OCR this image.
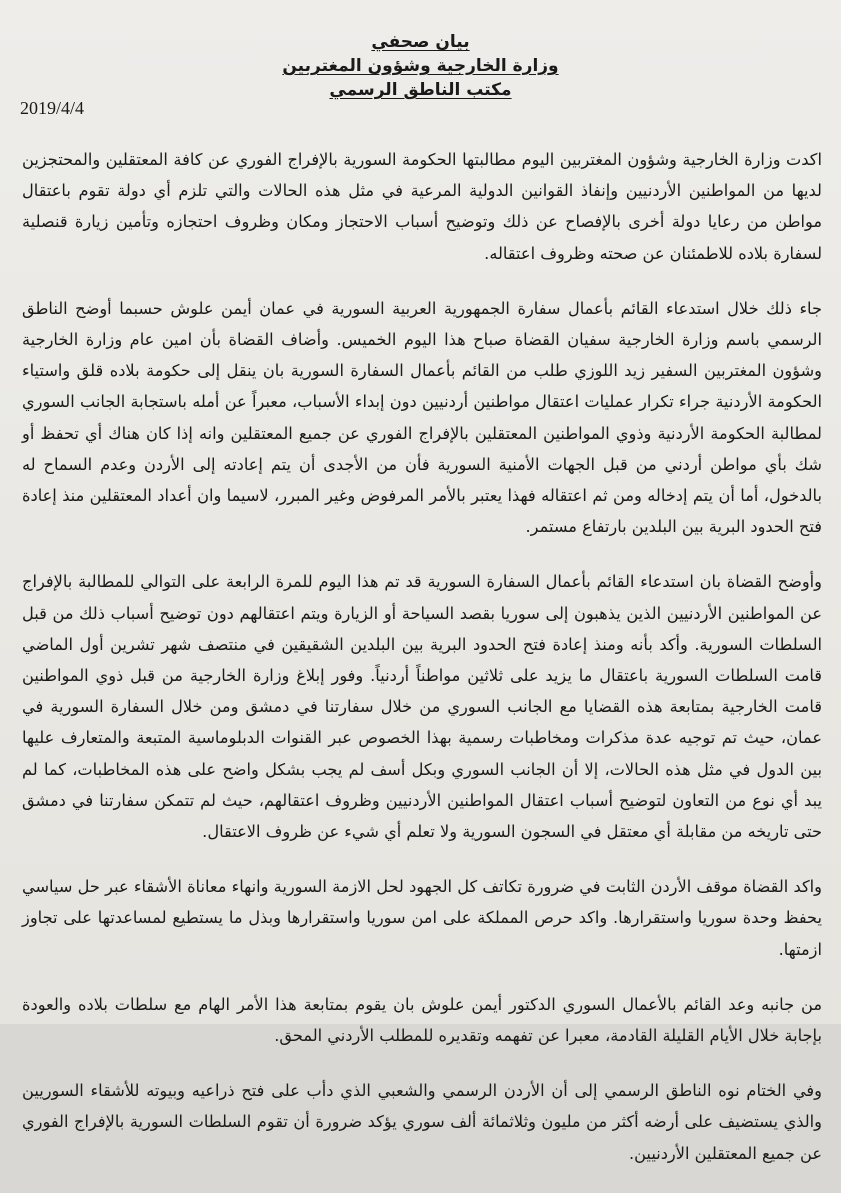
بيان صحفي
وزارة الخارجية وشؤون المغتربين
مكتب الناطق الرسمي
2019/4/4

اكدت وزارة الخارجية وشؤون المغتربين اليوم مطالبتها الحكومة السورية بالإفراج الفوري عن كافة المعتقلين والمحتجزين لديها من المواطنين الأردنيين وإنفاذ القوانين الدولية المرعية في مثل هذه الحالات والتي تلزم أي دولة تقوم باعتقال مواطن من رعايا دولة أخرى بالإفصاح عن ذلك وتوضيح أسباب الاحتجاز ومكان وظروف احتجازه وتأمين زيارة قنصلية لسفارة بلاده للاطمئنان عن صحته وظروف اعتقاله.

جاء ذلك خلال استدعاء القائم بأعمال سفارة الجمهورية العربية السورية في عمان أيمن علوش حسبما أوضح الناطق الرسمي باسم وزارة الخارجية سفيان القضاة صباح هذا اليوم الخميس. وأضاف القضاة بأن امين عام وزارة الخارجية وشؤون المغتربين السفير زيد اللوزي طلب من القائم بأعمال السفارة السورية بان ينقل إلى حكومة بلاده قلق واستياء الحكومة الأردنية جراء تكرار عمليات اعتقال مواطنين أردنيين دون إبداء الأسباب، معبراً عن أمله باستجابة الجانب السوري لمطالبة الحكومة الأردنية وذوي المواطنين المعتقلين بالإفراج الفوري عن جميع المعتقلين وانه إذا كان هناك أي تحفظ أو شك بأي مواطن أردني من قبل الجهات الأمنية السورية فأن من الأجدى أن يتم إعادته إلى الأردن وعدم السماح له بالدخول، أما أن يتم إدخاله ومن ثم اعتقاله فهذا يعتبر بالأمر المرفوض وغير المبرر، لاسيما وان أعداد المعتقلين منذ إعادة فتح الحدود البرية بين البلدين بارتفاع مستمر.

وأوضح القضاة بان استدعاء القائم بأعمال السفارة السورية قد تم هذا اليوم للمرة الرابعة على التوالي للمطالبة بالإفراج عن المواطنين الأردنيين الذين يذهبون إلى سوريا بقصد السياحة أو الزيارة ويتم اعتقالهم دون توضيح أسباب ذلك من قبل السلطات السورية. وأكد بأنه ومنذ إعادة فتح الحدود البرية بين البلدين الشقيقين في منتصف شهر تشرين أول الماضي قامت السلطات السورية باعتقال ما يزيد على ثلاثين مواطناً أردنياً. وفور إبلاغ وزارة الخارجية من قبل ذوي المواطنين قامت الخارجية بمتابعة هذه القضايا مع الجانب السوري من خلال سفارتنا في دمشق ومن خلال السفارة السورية في عمان، حيث تم توجيه عدة مذكرات ومخاطبات رسمية بهذا الخصوص عبر القنوات الدبلوماسية المتبعة والمتعارف عليها بين الدول في مثل هذه الحالات، إلا أن الجانب السوري وبكل أسف لم يجب بشكل واضح على هذه المخاطبات، كما لم يبد أي نوع من التعاون لتوضيح أسباب اعتقال المواطنين الأردنيين وظروف اعتقالهم، حيث لم تتمكن سفارتنا في دمشق حتى تاريخه من مقابلة أي معتقل في السجون السورية ولا تعلم أي شيء عن ظروف الاعتقال.

واكد القضاة موقف الأردن الثابت في ضرورة تكاتف كل الجهود لحل الازمة السورية وانهاء معاناة الأشقاء عبر حل سياسي يحفظ وحدة سوريا واستقرارها. واكد حرص المملكة على امن سوريا واستقرارها وبذل ما يستطيع لمساعدتها على تجاوز ازمتها.

من جانبه وعد القائم بالأعمال السوري الدكتور أيمن علوش بان يقوم بمتابعة هذا الأمر الهام مع سلطات بلاده والعودة بإجابة خلال الأيام القليلة القادمة، معبرا عن تفهمه وتقديره للمطلب الأردني المحق.

وفي الختام نوه الناطق الرسمي إلى أن الأردن الرسمي والشعبي الذي دأب على فتح ذراعيه وبيوته للأشقاء السوريين والذي يستضيف على أرضه أكثر من مليون وثلاثمائة ألف سوري يؤكد ضرورة أن تقوم السلطات السورية بالإفراج الفوري عن جميع المعتقلين الأردنيين.
